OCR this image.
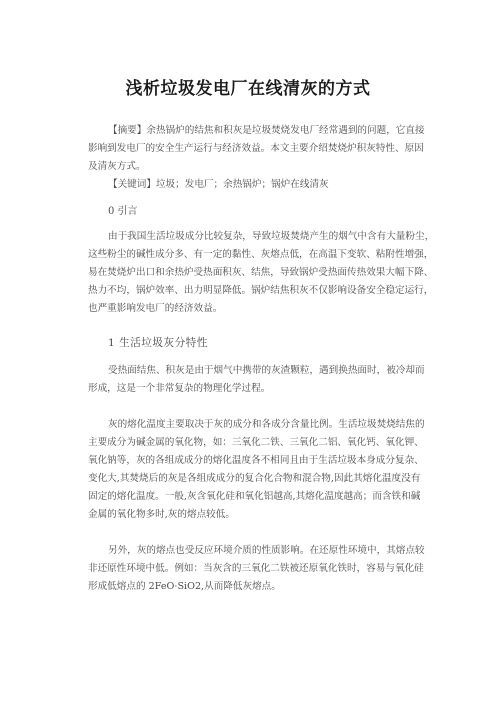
浅析垃圾发电厂在线清灰的方式
【摘要】余热锅炉的结焦和积灰是垃圾焚烧发电厂经常遇到的问题，它直接
影响到发电厂的安全生产运行与经济效益。本文主要介绍焚烧炉积灰特性、原因
及清灰方式。
【关键词】垃圾；发电厂；余热锅炉；锅炉在线清灰
0 引言
由于我国生活垃圾成分比较复杂，导致垃圾焚烧产生的烟气中含有大量粉尘，
这些粉尘的碱性成分多、有一定的黏性、灰熔点低，在高温下变软、粘附性增强，
易在焚烧炉出口和余热炉受热面积灰、结焦，导致锅炉受热面传热效果大幅下降、
热力不均，锅炉效率、出力明显降低。锅炉结焦积灰不仅影响设备安全稳定运行，
也严重影响发电厂的经济效益。
1 生活垃圾灰分特性
受热面结焦、积灰是由于烟气中携带的灰渣颗粒，遇到换热面时，被冷却而
形成，这是一个非常复杂的物理化学过程。
灰的熔化温度主要取决于灰的成分和各成分含量比例。生活垃圾焚烧结焦的
主要成分为碱金属的氧化物，如：三氧化二铁、三氧化二铝、氧化钙、氧化钾、
氧化钠等，灰的各组成成分的熔化温度各不相同且由于生活垃圾本身成分复杂、
变化大,其焚烧后的灰是各组成成分的复合化合物和混合物,因此其熔化温度没有
固定的熔化温度。一般,灰含氧化硅和氧化铝越高,其熔化温度越高；而含铁和碱
金属的氧化物多时,灰的熔点较低。
另外，灰的熔点也受反应环境介质的性质影响。在还原性环境中，其熔点较
非还原性环境中低。例如：当灰含的三氧化二铁被还原氧化铁时，容易与氧化硅
形成低熔点的 2FeO·SiO2,从而降低灰熔点。
